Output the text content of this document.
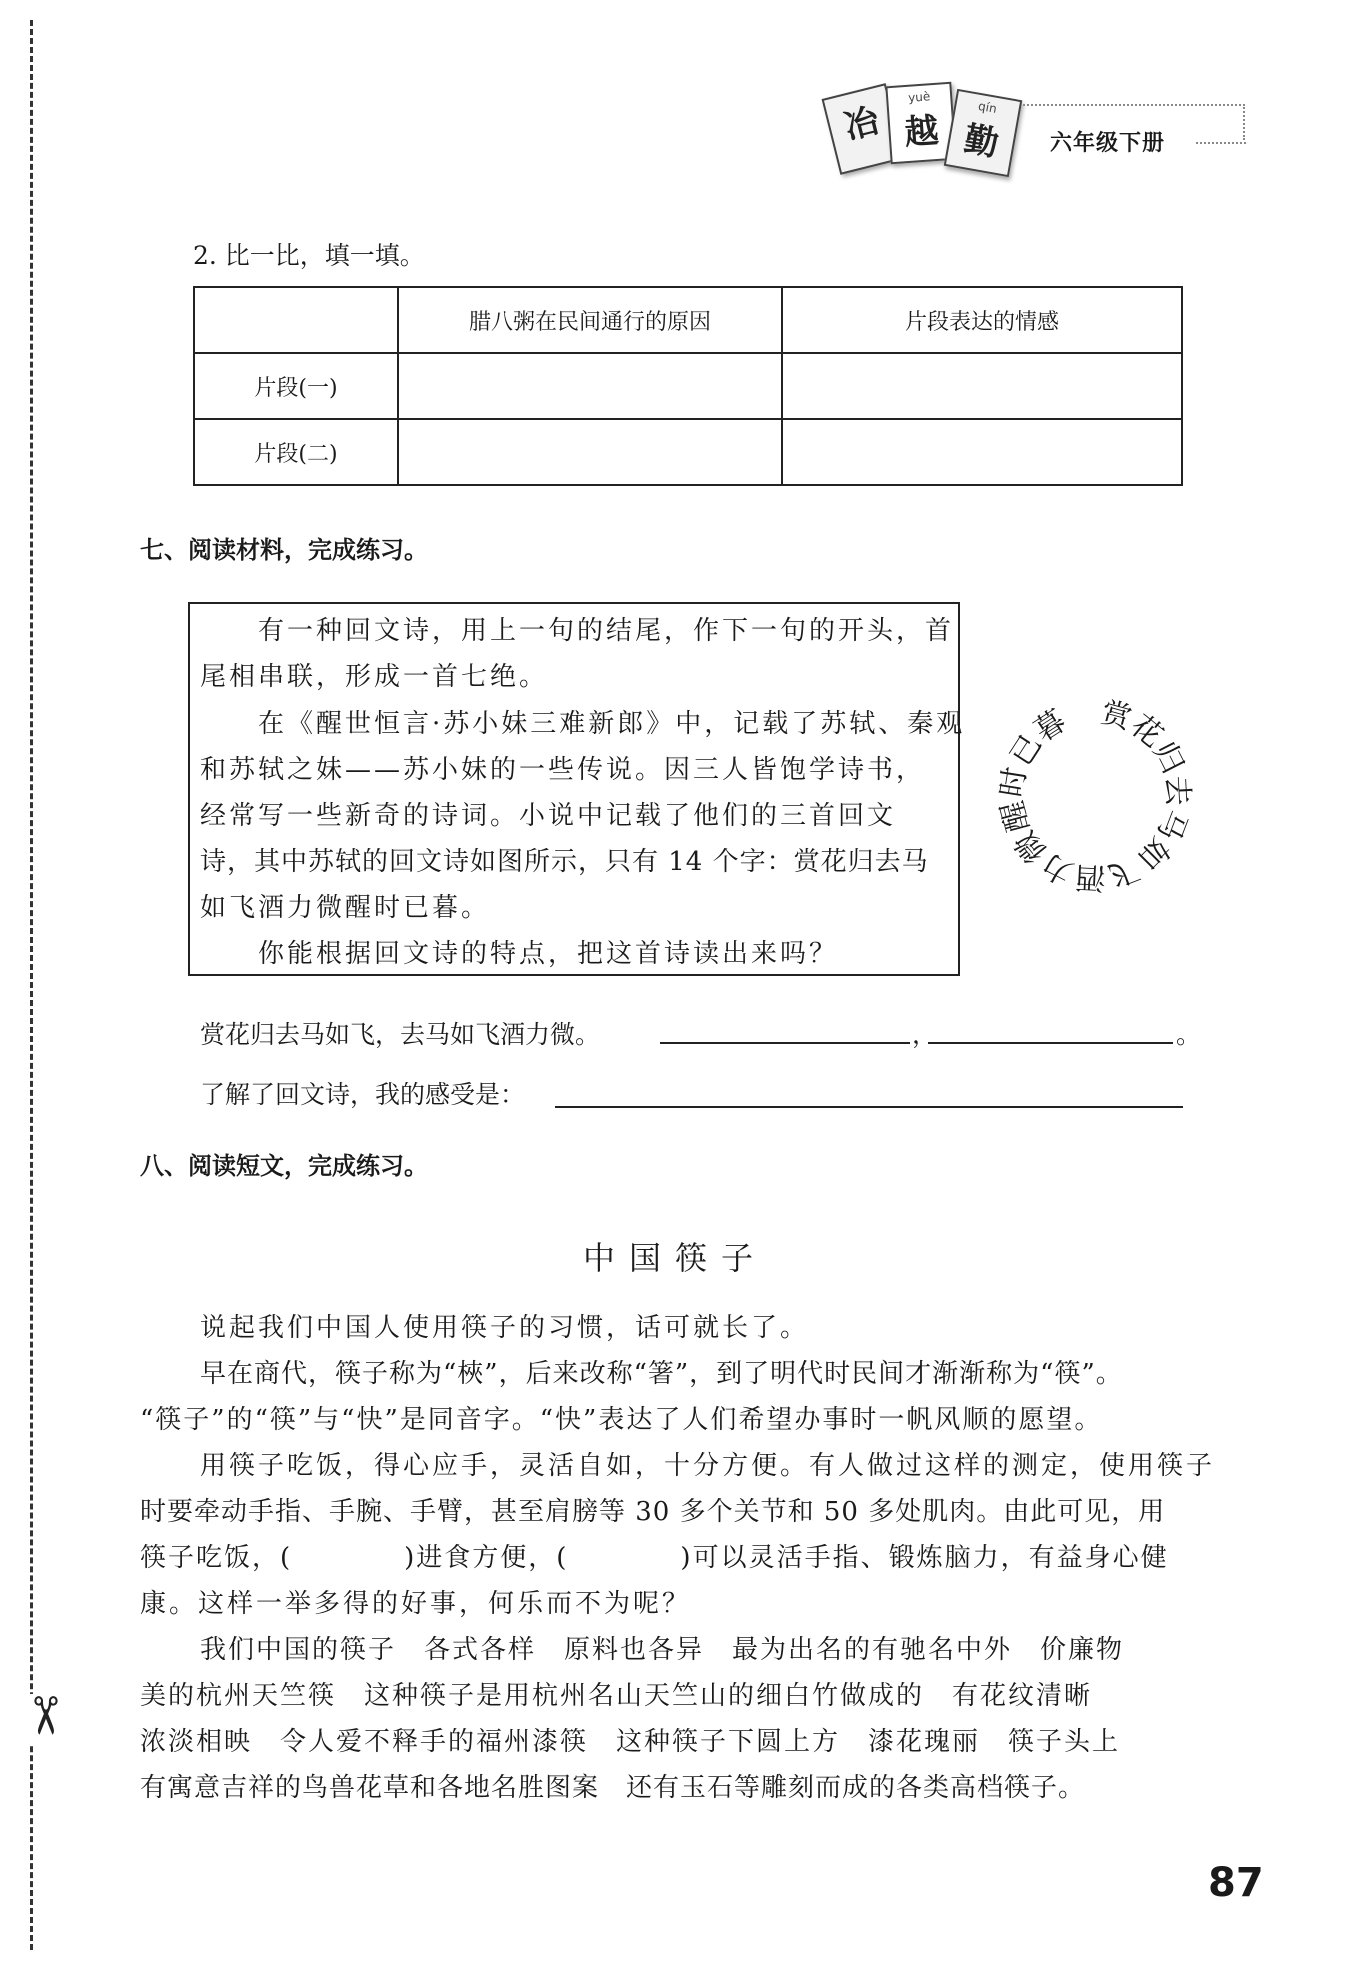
✂
冶
yuè
越
qín
勤	六年级下册
2. 比一比，填一填。
	腊八粥在民间通行的原因	片段表达的情感
片段(一)		
片段(二)		
七、阅读材料，完成练习。
有一种回文诗，用上一句的结尾，作下一句的开头，首
尾相串联，形成一首七绝。
在《醒世恒言·苏小妹三难新郎》中，记载了苏轼、秦观
和苏轼之妹——苏小妹的一些传说。因三人皆饱学诗书，
经常写一些新奇的诗词。小说中记载了他们的三首回文
诗，其中苏轼的回文诗如图所示，只有 14 个字：赏花归去马
如飞酒力微醒时已暮。
你能根据回文诗的特点，把这首诗读出来吗？
赏
花
归
去
马
如
飞
酒
力
微
醒
时
已
暮
赏花归去马如飞，去马如飞酒力微。	，	。
了解了回文诗，我的感受是：
八、阅读短文，完成练习。
中国筷子
说起我们中国人使用筷子的习惯，话可就长了。
早在商代，筷子称为“梜”，后来改称“箸”，到了明代时民间才渐渐称为“筷”。
“筷子”的“筷”与“快”是同音字。“快”表达了人们希望办事时一帆风顺的愿望。
用筷子吃饭，得心应手，灵活自如，十分方便。有人做过这样的测定，使用筷子
时要牵动手指、手腕、手臂，甚至肩膀等 30 多个关节和 50 多处肌肉。由此可见，用
筷子吃饭，(　　　　)进食方便，(　　　　)可以灵活手指、锻炼脑力，有益身心健
康。这样一举多得的好事，何乐而不为呢？
我们中国的筷子　各式各样　原料也各异　最为出名的有驰名中外　价廉物
美的杭州天竺筷　这种筷子是用杭州名山天竺山的细白竹做成的　有花纹清晰
浓淡相映　令人爱不释手的福州漆筷　这种筷子下圆上方　漆花瑰丽　筷子头上
有寓意吉祥的鸟兽花草和各地名胜图案　还有玉石等雕刻而成的各类高档筷子。
87
